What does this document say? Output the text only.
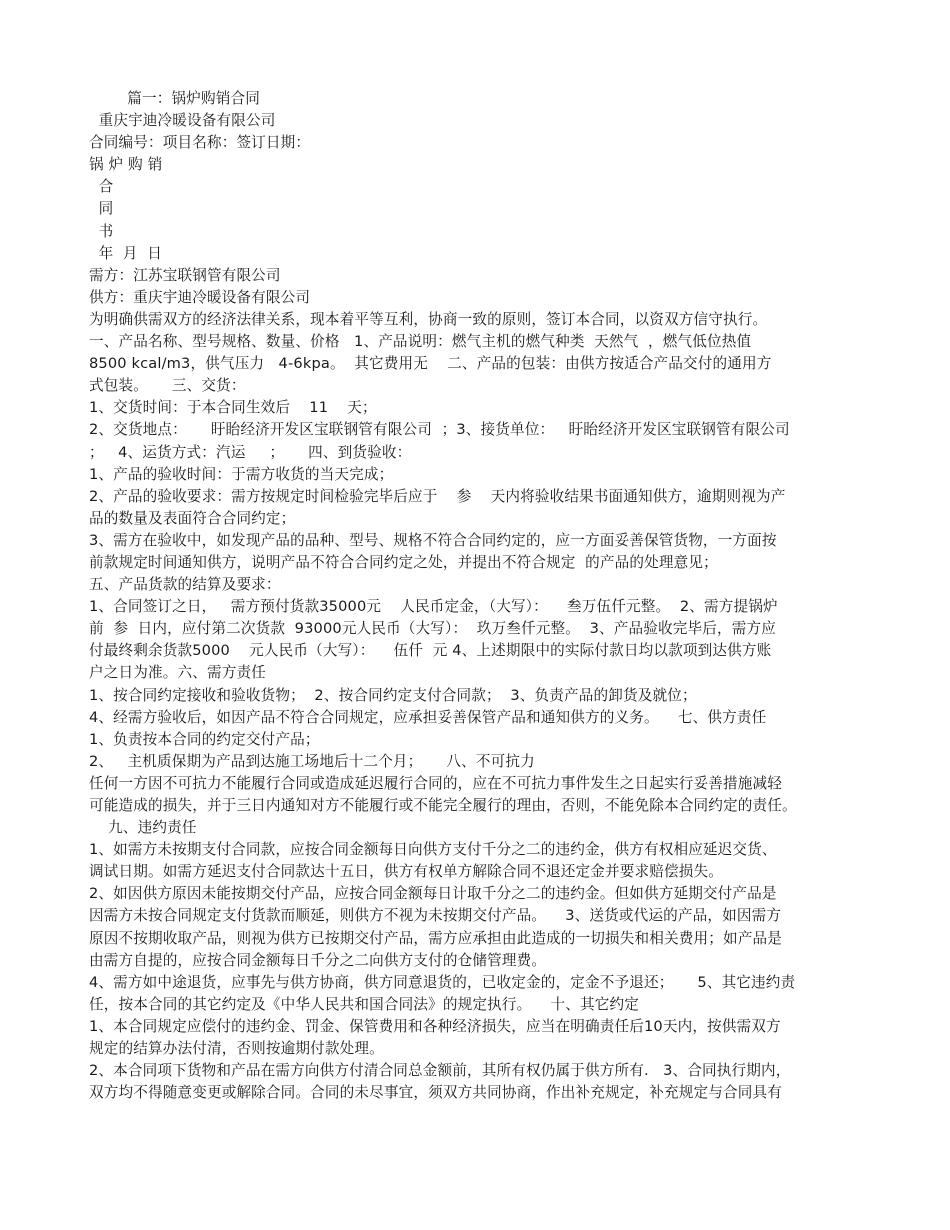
篇一：锅炉购销合同
重庆宇迪冷暖设备有限公司
合同编号：项目名称：签订日期：
锅 炉 购 销
合
同
书
年  月  日
需方：江苏宝联钢管有限公司
供方：重庆宇迪冷暖设备有限公司
为明确供需双方的经济法律关系，现本着平等互利，协商一致的原则，签订本合同，以资双方信守执行。
一、产品名称、型号规格、数量、价格   1、产品说明：燃气主机的燃气种类  天然气  ，燃气低位热值
8500 kcal/m3，供气压力   4-6kpa。  其它费用无    二、产品的包装：由供方按适合产品交付的通用方
式包装。     三、交货：
1、交货时间：于本合同生效后    11    天；
2、交货地点：     盱眙经济开发区宝联钢管有限公司  ；3、接货单位：   盱眙经济开发区宝联钢管有限公司
；   4、运货方式：汽运     ；     四、到货验收：
1、产品的验收时间：于需方收货的当天完成；
2、产品的验收要求：需方按规定时间检验完毕后应于    参    天内将验收结果书面通知供方，逾期则视为产
品的数量及表面符合合同约定；
3、需方在验收中，如发现产品的品种、型号、规格不符合合同约定的，应一方面妥善保管货物，一方面按
前款规定时间通知供方，说明产品不符合合同约定之处，并提出不符合规定  的产品的处理意见；
五、产品货款的结算及要求：
1、合同签订之日，   需方预付货款35000元    人民币定金，（大写）：    叁万伍仟元整。  2、需方提锅炉
前  参  日内，应付第二次货款  93000元人民币（大写）：  玖万叁仟元整。  3、产品验收完毕后，需方应
付最终剩余货款5000    元人民币（大写）：    伍仟  元 4、上述期限中的实际付款日均以款项到达供方账
户之日为准。六、需方责任
1、按合同约定接收和验收货物；  2、按合同约定支付合同款；  3、负责产品的卸货及就位；
4、经需方验收后，如因产品不符合合同规定，应承担妥善保管产品和通知供方的义务。    七、供方责任
1、负责按本合同的约定交付产品；
2、   主机质保期为产品到达施工场地后十二个月；     八、不可抗力
任何一方因不可抗力不能履行合同或造成延迟履行合同的，应在不可抗力事件发生之日起实行妥善措施减轻
可能造成的损失，并于三日内通知对方不能履行或不能完全履行的理由，否则，不能免除本合同约定的责任。
九、违约责任
1、如需方未按期支付合同款，应按合同金额每日向供方支付千分之二的违约金，供方有权相应延迟交货、
调试日期。如需方延迟支付合同款达十五日，供方有权单方解除合同不退还定金并要求赔偿损失。
2、如因供方原因未能按期交付产品，应按合同金额每日计取千分之二的违约金。但如供方延期交付产品是
因需方未按合同规定支付货款而顺延，则供方不视为未按期交付产品。    3、送货或代运的产品，如因需方
原因不按期收取产品，则视为供方已按期交付产品，需方应承担由此造成的一切损失和相关费用；如产品是
由需方自提的，应按合同金额每日千分之二向供方支付的仓储管理费。
4、需方如中途退货，应事先与供方协商，供方同意退货的，已收定金的，定金不予退还；     5、其它违约责
任，按本合同的其它约定及《中华人民共和国合同法》的规定执行。    十、其它约定
1、本合同规定应偿付的违约金、罚金、保管费用和各种经济损失，应当在明确责任后10天内，按供需双方
规定的结算办法付清，否则按逾期付款处理。
2、本合同项下货物和产品在需方向供方付清合同总金额前，其所有权仍属于供方所有.   3、合同执行期内，
双方均不得随意变更或解除合同。合同的未尽事宜，须双方共同协商，作出补充规定，补充规定与合同具有
